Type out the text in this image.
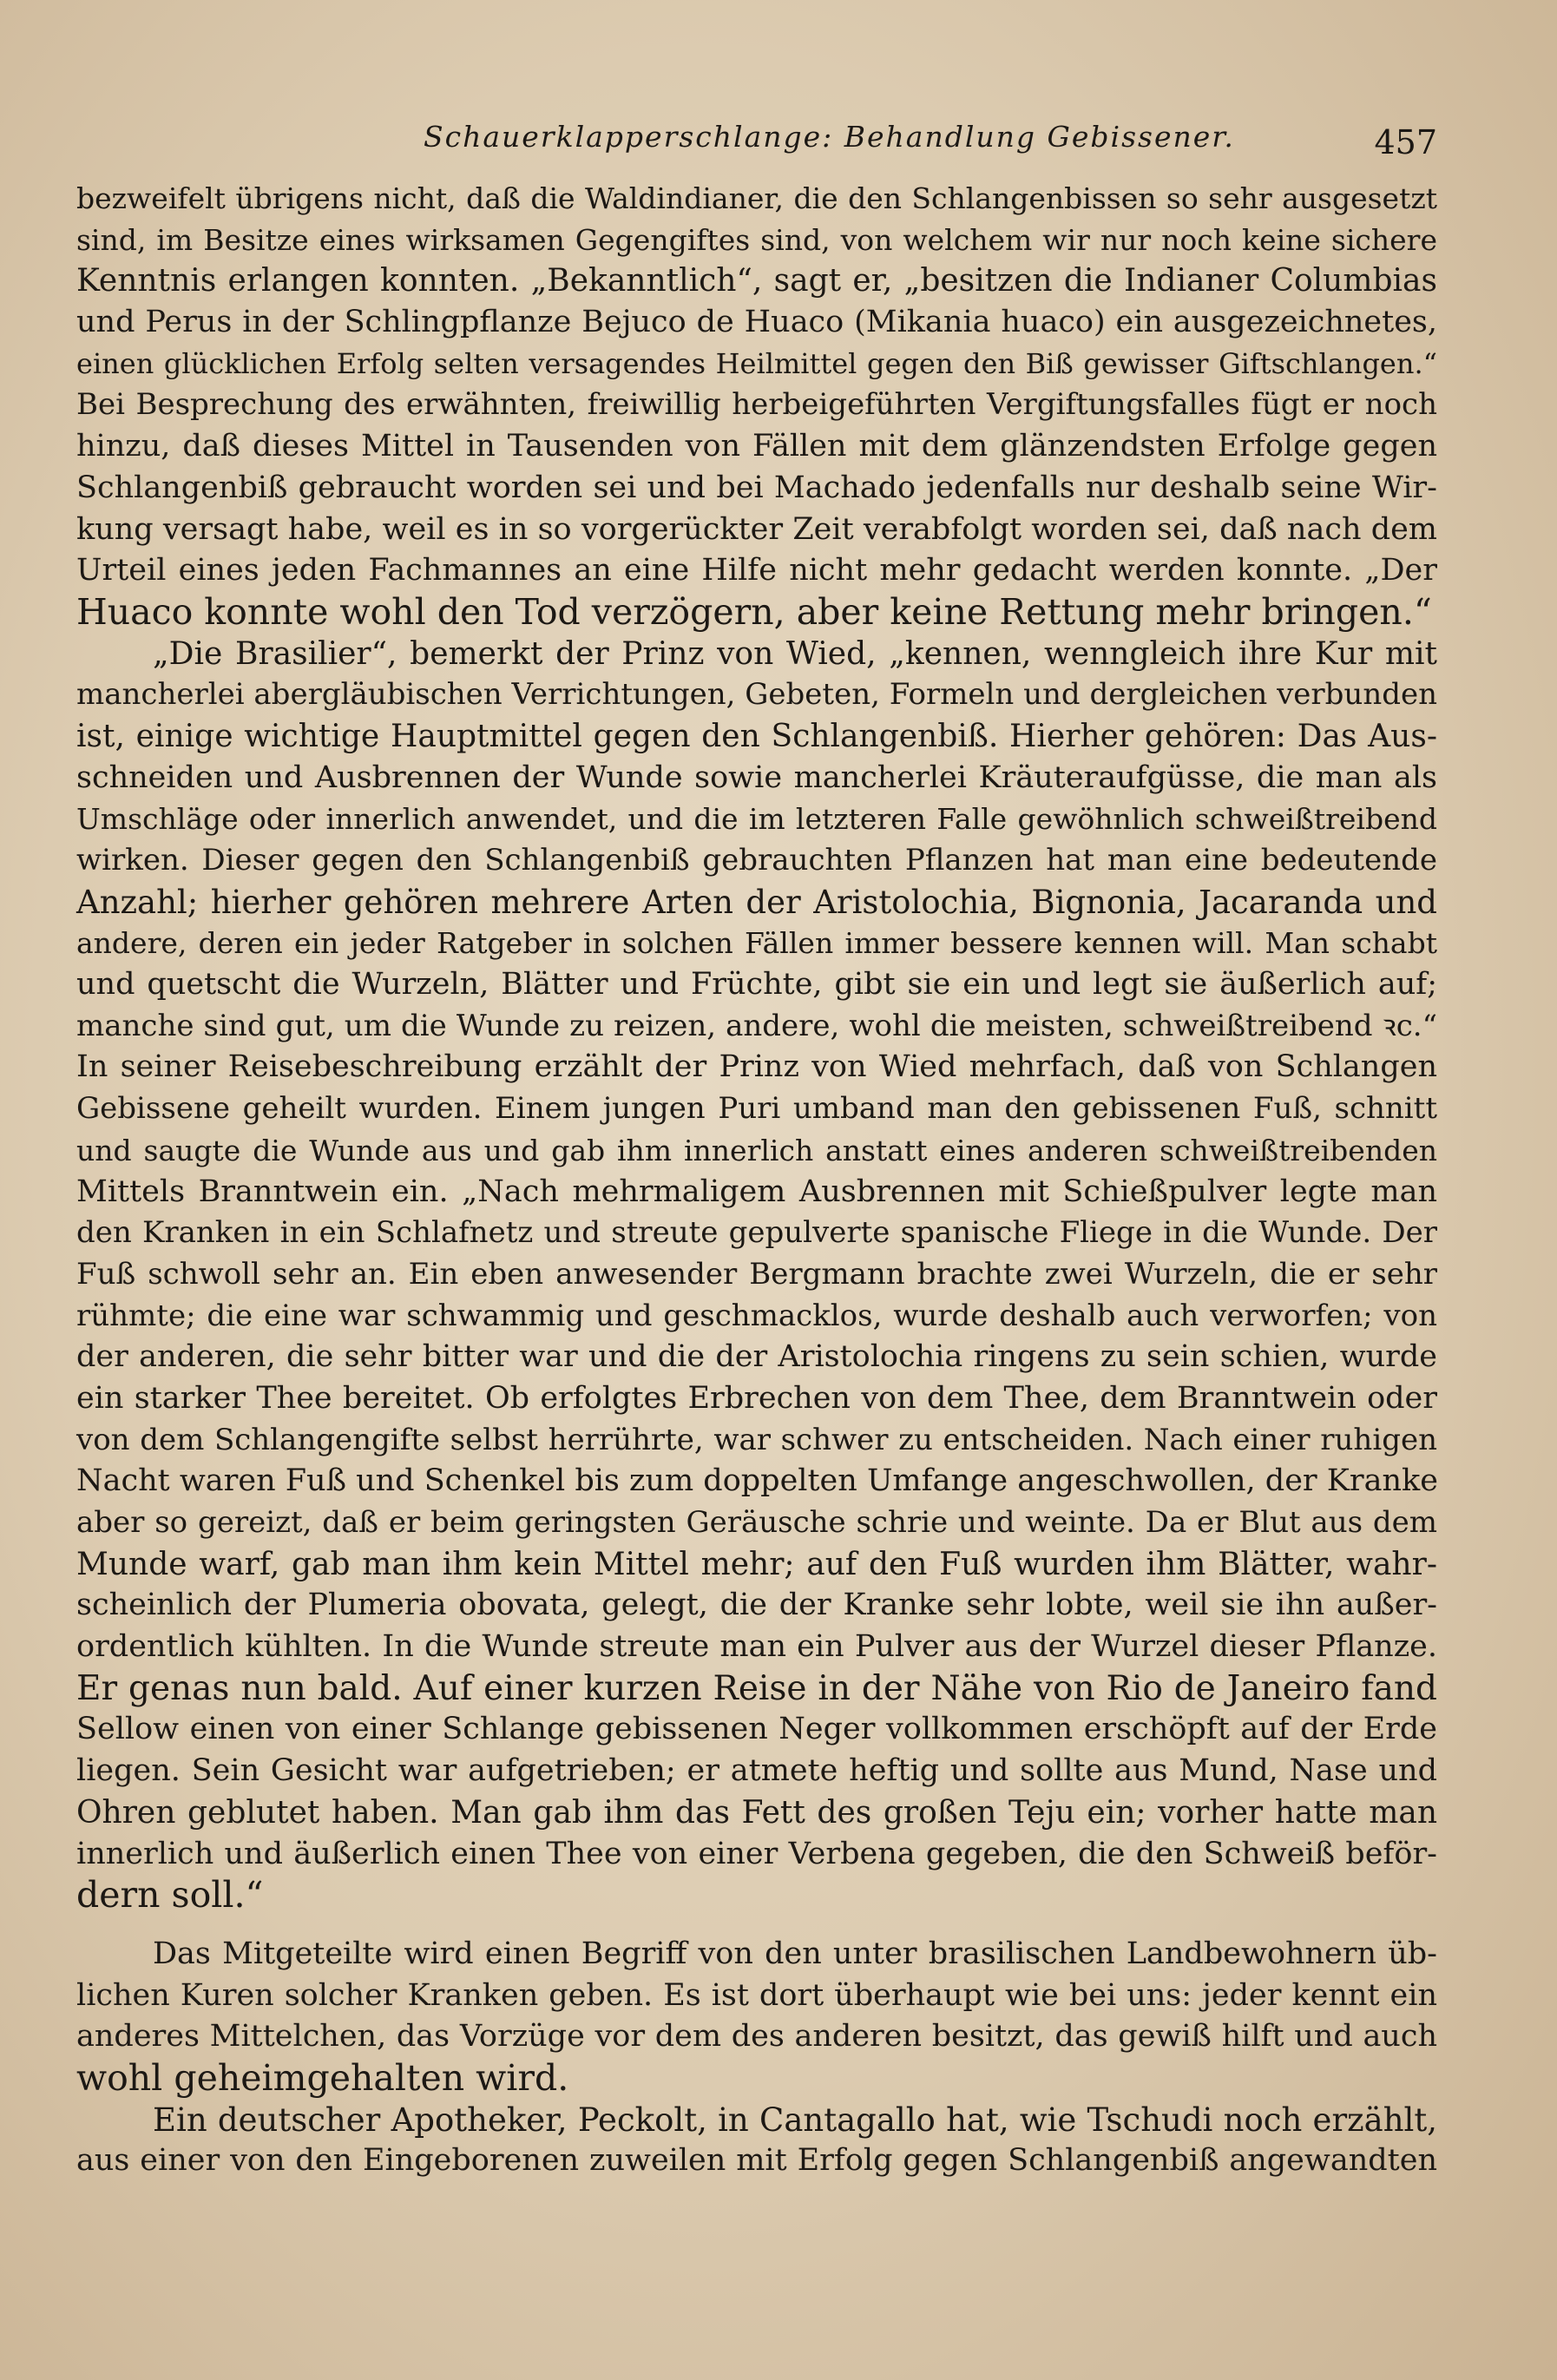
Schauerklapperschlange: Behandlung Gebissener.	457
bezweifelt übrigens nicht, daß die Waldindianer, die den Schlangenbissen so sehr ausgesetzt
sind, im Besitze eines wirksamen Gegengiftes sind, von welchem wir nur noch keine sichere
Kenntnis erlangen konnten. „Bekanntlich“, sagt er, „besitzen die Indianer Columbias
und Perus in der Schlingpflanze Bejuco de Huaco (Mikania huaco) ein ausgezeichnetes,
einen glücklichen Erfolg selten versagendes Heilmittel gegen den Biß gewisser Giftschlangen.“
Bei Besprechung des erwähnten, freiwillig herbeigeführten Vergiftungsfalles fügt er noch
hinzu, daß dieses Mittel in Tausenden von Fällen mit dem glänzendsten Erfolge gegen
Schlangenbiß gebraucht worden sei und bei Machado jedenfalls nur deshalb seine Wir-
kung versagt habe, weil es in so vorgerückter Zeit verabfolgt worden sei, daß nach dem
Urteil eines jeden Fachmannes an eine Hilfe nicht mehr gedacht werden konnte. „Der
Huaco konnte wohl den Tod verzögern, aber keine Rettung mehr bringen.“
„Die Brasilier“, bemerkt der Prinz von Wied, „kennen, wenngleich ihre Kur mit
mancherlei abergläubischen Verrichtungen, Gebeten, Formeln und dergleichen verbunden
ist, einige wichtige Hauptmittel gegen den Schlangenbiß. Hierher gehören: Das Aus-
schneiden und Ausbrennen der Wunde sowie mancherlei Kräuteraufgüsse, die man als
Umschläge oder innerlich anwendet, und die im letzteren Falle gewöhnlich schweißtreibend
wirken. Dieser gegen den Schlangenbiß gebrauchten Pflanzen hat man eine bedeutende
Anzahl; hierher gehören mehrere Arten der Aristolochia, Bignonia, Jacaranda und
andere, deren ein jeder Ratgeber in solchen Fällen immer bessere kennen will. Man schabt
und quetscht die Wurzeln, Blätter und Früchte, gibt sie ein und legt sie äußerlich auf;
manche sind gut, um die Wunde zu reizen, andere, wohl die meisten, schweißtreibend ꝛc.“
In seiner Reisebeschreibung erzählt der Prinz von Wied mehrfach, daß von Schlangen
Gebissene geheilt wurden. Einem jungen Puri umband man den gebissenen Fuß, schnitt
und saugte die Wunde aus und gab ihm innerlich anstatt eines anderen schweißtreibenden
Mittels Branntwein ein. „Nach mehrmaligem Ausbrennen mit Schießpulver legte man
den Kranken in ein Schlafnetz und streute gepulverte spanische Fliege in die Wunde. Der
Fuß schwoll sehr an. Ein eben anwesender Bergmann brachte zwei Wurzeln, die er sehr
rühmte; die eine war schwammig und geschmacklos, wurde deshalb auch verworfen; von
der anderen, die sehr bitter war und die der Aristolochia ringens zu sein schien, wurde
ein starker Thee bereitet. Ob erfolgtes Erbrechen von dem Thee, dem Branntwein oder
von dem Schlangengifte selbst herrührte, war schwer zu entscheiden. Nach einer ruhigen
Nacht waren Fuß und Schenkel bis zum doppelten Umfange angeschwollen, der Kranke
aber so gereizt, daß er beim geringsten Geräusche schrie und weinte. Da er Blut aus dem
Munde warf, gab man ihm kein Mittel mehr; auf den Fuß wurden ihm Blätter, wahr-
scheinlich der Plumeria obovata, gelegt, die der Kranke sehr lobte, weil sie ihn außer-
ordentlich kühlten. In die Wunde streute man ein Pulver aus der Wurzel dieser Pflanze.
Er genas nun bald. Auf einer kurzen Reise in der Nähe von Rio de Janeiro fand
Sellow einen von einer Schlange gebissenen Neger vollkommen erschöpft auf der Erde
liegen. Sein Gesicht war aufgetrieben; er atmete heftig und sollte aus Mund, Nase und
Ohren geblutet haben. Man gab ihm das Fett des großen Teju ein; vorher hatte man
innerlich und äußerlich einen Thee von einer Verbena gegeben, die den Schweiß beför-
dern soll.“
Das Mitgeteilte wird einen Begriff von den unter brasilischen Landbewohnern üb-
lichen Kuren solcher Kranken geben. Es ist dort überhaupt wie bei uns: jeder kennt ein
anderes Mittelchen, das Vorzüge vor dem des anderen besitzt, das gewiß hilft und auch
wohl geheimgehalten wird.
Ein deutscher Apotheker, Peckolt, in Cantagallo hat, wie Tschudi noch erzählt,
aus einer von den Eingeborenen zuweilen mit Erfolg gegen Schlangenbiß angewandten
